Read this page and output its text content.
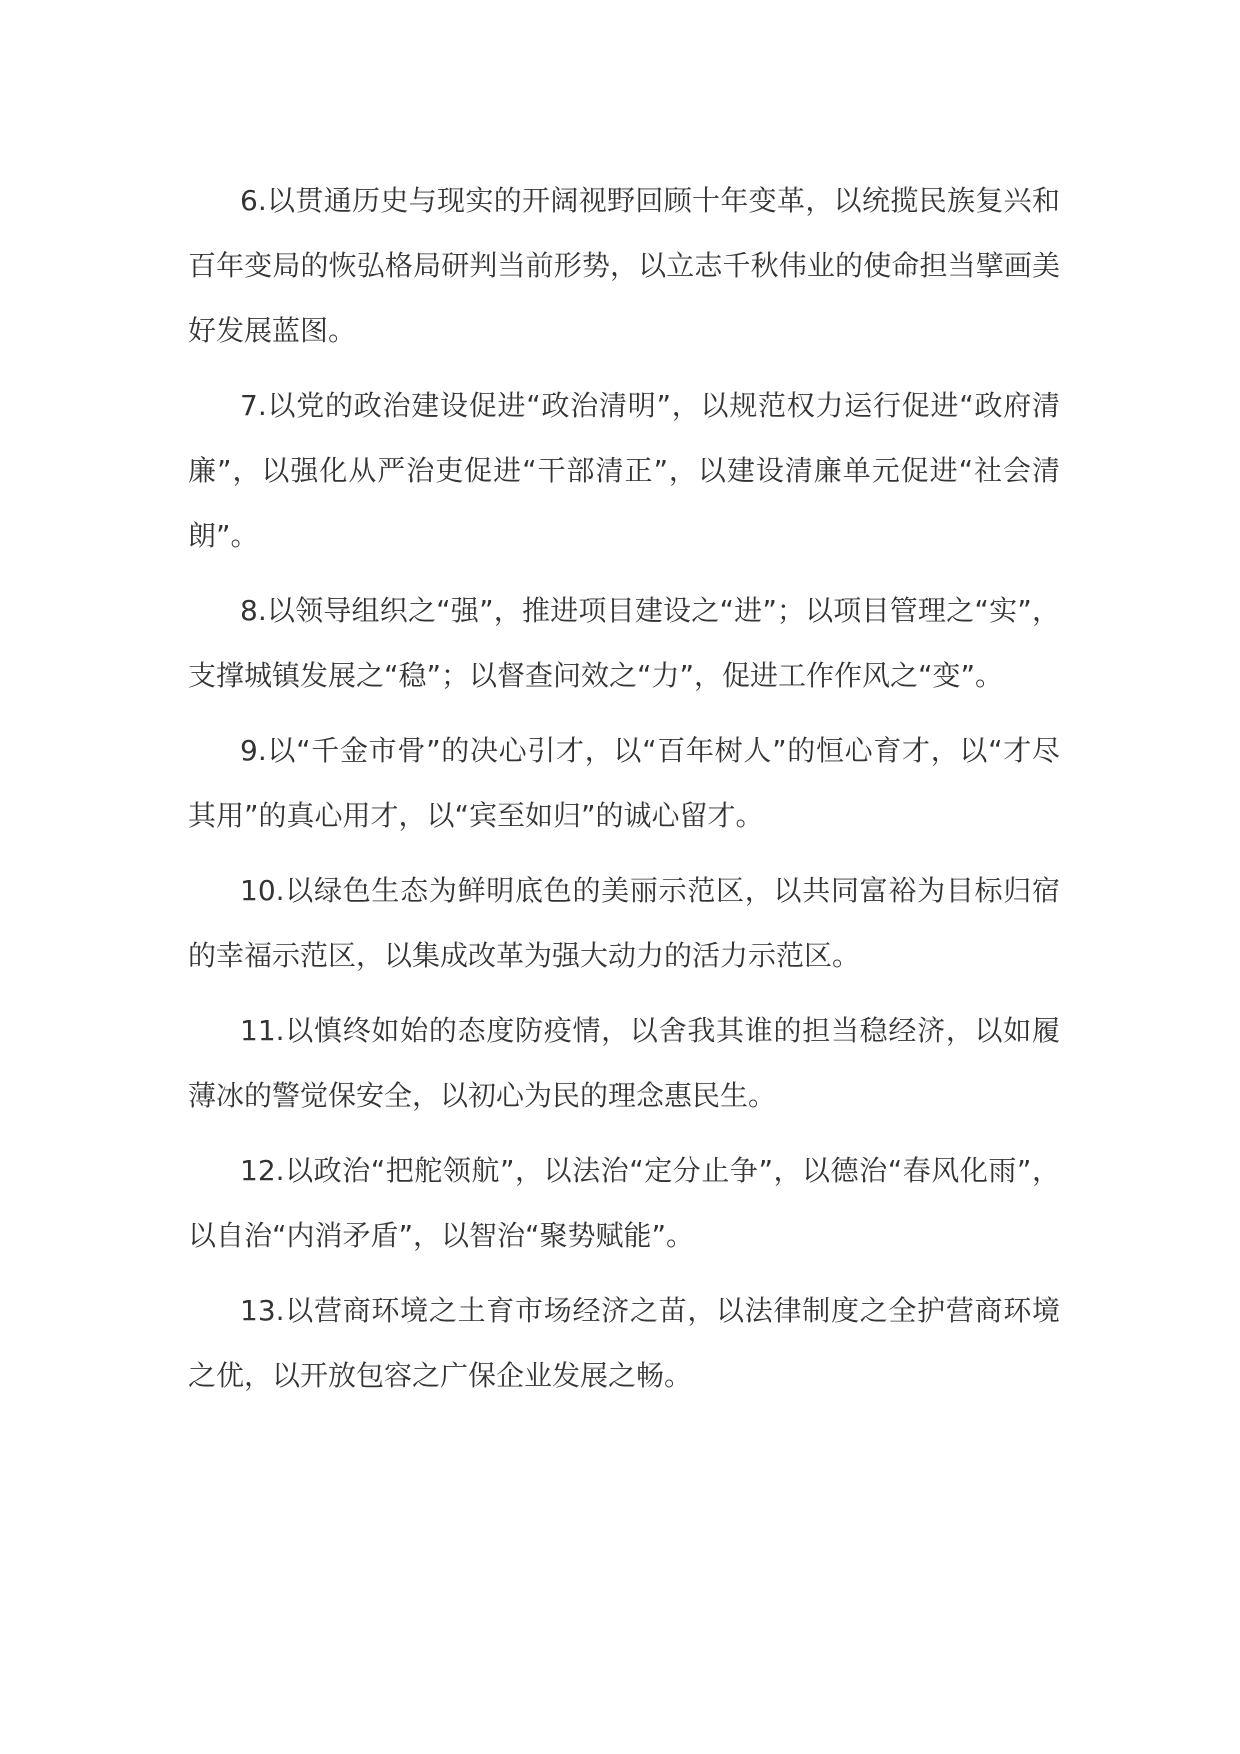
6.以贯通历史与现实的开阔视野回顾十年变革，以统揽民族复兴和百年变局的恢弘格局研判当前形势，以立志千秋伟业的使命担当擘画美好发展蓝图。

7.以党的政治建设促进“政治清明”，以规范权力运行促进“政府清廉”，以强化从严治吏促进“干部清正”，以建设清廉单元促进“社会清朗”。

8.以领导组织之“强”，推进项目建设之“进”；以项目管理之“实”，支撑城镇发展之“稳”；以督查问效之“力”，促进工作作风之“变”。

9.以“千金市骨”的决心引才，以“百年树人”的恒心育才，以“才尽其用”的真心用才，以“宾至如归”的诚心留才。

10.以绿色生态为鲜明底色的美丽示范区，以共同富裕为目标归宿的幸福示范区，以集成改革为强大动力的活力示范区。

11.以慎终如始的态度防疫情，以舍我其谁的担当稳经济，以如履薄冰的警觉保安全，以初心为民的理念惠民生。

12.以政治“把舵领航”，以法治“定分止争”，以德治“春风化雨”，以自治“内消矛盾”，以智治“聚势赋能”。

13.以营商环境之土育市场经济之苗，以法律制度之全护营商环境之优，以开放包容之广保企业发展之畅。
